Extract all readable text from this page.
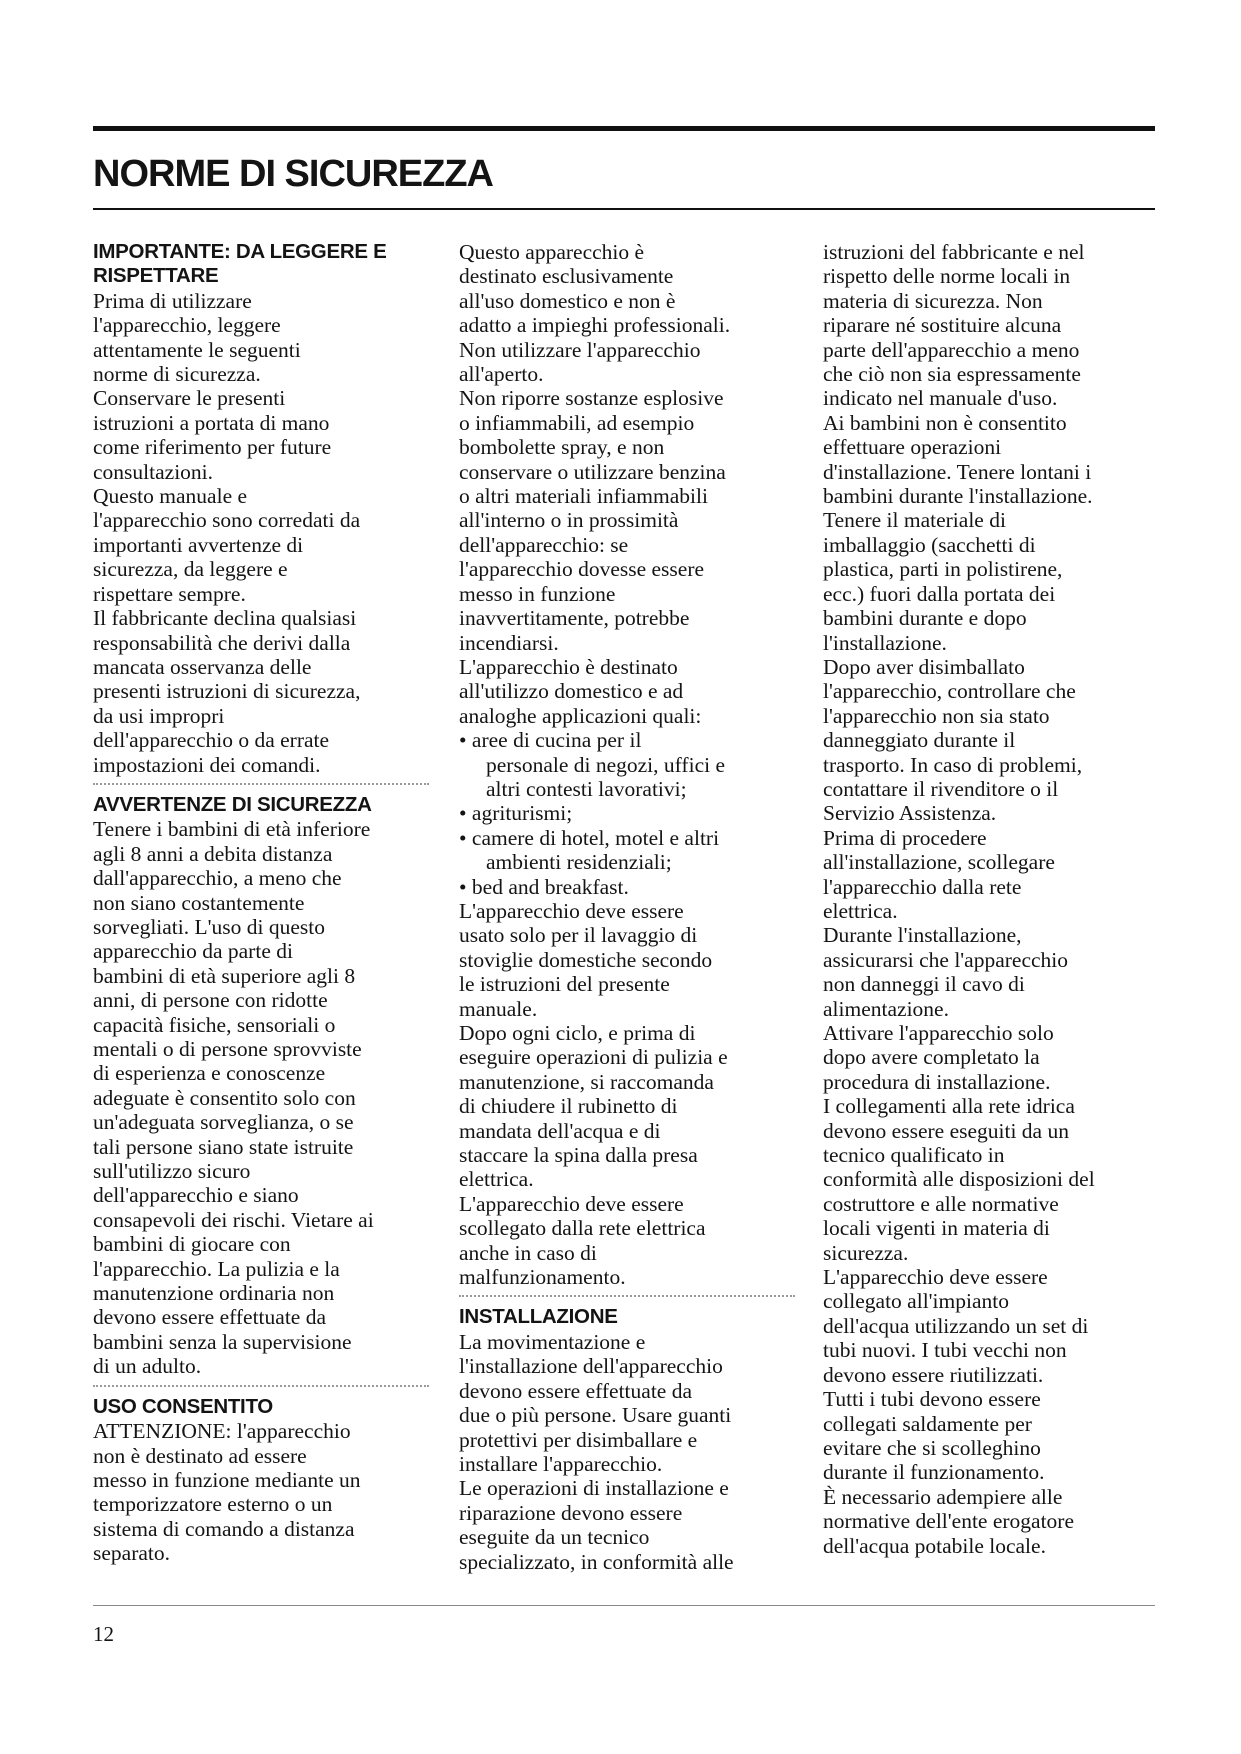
NORME DI SICUREZZA
IMPORTANTE: DA LEGGERE E
RISPETTARE
Prima di utilizzare
l'apparecchio, leggere
attentamente le seguenti
norme di sicurezza.
Conservare le presenti
istruzioni a portata di mano
come riferimento per future
consultazioni.
Questo manuale e
l'apparecchio sono corredati da
importanti avvertenze di
sicurezza, da leggere e
rispettare sempre.
Il fabbricante declina qualsiasi
responsabilità che derivi dalla
mancata osservanza delle
presenti istruzioni di sicurezza,
da usi impropri
dell'apparecchio o da errate
impostazioni dei comandi.
AVVERTENZE DI SICUREZZA
Tenere i bambini di età inferiore
agli 8 anni a debita distanza
dall'apparecchio, a meno che
non siano costantemente
sorvegliati. L'uso di questo
apparecchio da parte di
bambini di età superiore agli 8
anni, di persone con ridotte
capacità fisiche, sensoriali o
mentali o di persone sprovviste
di esperienza e conoscenze
adeguate è consentito solo con
un'adeguata sorveglianza, o se
tali persone siano state istruite
sull'utilizzo sicuro
dell'apparecchio e siano
consapevoli dei rischi. Vietare ai
bambini di giocare con
l'apparecchio. La pulizia e la
manutenzione ordinaria non
devono essere effettuate da
bambini senza la supervisione
di un adulto.
USO CONSENTITO
ATTENZIONE: l'apparecchio
non è destinato ad essere
messo in funzione mediante un
temporizzatore esterno o un
sistema di comando a distanza
separato.
Questo apparecchio è
destinato esclusivamente
all'uso domestico e non è
adatto a impieghi professionali.
Non utilizzare l'apparecchio
all'aperto.
Non riporre sostanze esplosive
o infiammabili, ad esempio
bombolette spray, e non
conservare o utilizzare benzina
o altri materiali infiammabili
all'interno o in prossimità
dell'apparecchio: se
l'apparecchio dovesse essere
messo in funzione
inavvertitamente, potrebbe
incendiarsi.
L'apparecchio è destinato
all'utilizzo domestico e ad
analoghe applicazioni quali:
• aree di cucina per il
personale di negozi, uffici e
altri contesti lavorativi;
• agriturismi;
• camere di hotel, motel e altri
ambienti residenziali;
• bed and breakfast.
L'apparecchio deve essere
usato solo per il lavaggio di
stoviglie domestiche secondo
le istruzioni del presente
manuale.
Dopo ogni ciclo, e prima di
eseguire operazioni di pulizia e
manutenzione, si raccomanda
di chiudere il rubinetto di
mandata dell'acqua e di
staccare la spina dalla presa
elettrica.
L'apparecchio deve essere
scollegato dalla rete elettrica
anche in caso di
malfunzionamento.
INSTALLAZIONE
La movimentazione e
l'installazione dell'apparecchio
devono essere effettuate da
due o più persone. Usare guanti
protettivi per disimballare e
installare l'apparecchio.
Le operazioni di installazione e
riparazione devono essere
eseguite da un tecnico
specializzato, in conformità alle
istruzioni del fabbricante e nel
rispetto delle norme locali in
materia di sicurezza. Non
riparare né sostituire alcuna
parte dell'apparecchio a meno
che ciò non sia espressamente
indicato nel manuale d'uso.
Ai bambini non è consentito
effettuare operazioni
d'installazione. Tenere lontani i
bambini durante l'installazione.
Tenere il materiale di
imballaggio (sacchetti di
plastica, parti in polistirene,
ecc.) fuori dalla portata dei
bambini durante e dopo
l'installazione.
Dopo aver disimballato
l'apparecchio, controllare che
l'apparecchio non sia stato
danneggiato durante il
trasporto. In caso di problemi,
contattare il rivenditore o il
Servizio Assistenza.
Prima di procedere
all'installazione, scollegare
l'apparecchio dalla rete
elettrica.
Durante l'installazione,
assicurarsi che l'apparecchio
non danneggi il cavo di
alimentazione.
Attivare l'apparecchio solo
dopo avere completato la
procedura di installazione.
I collegamenti alla rete idrica
devono essere eseguiti da un
tecnico qualificato in
conformità alle disposizioni del
costruttore e alle normative
locali vigenti in materia di
sicurezza.
L'apparecchio deve essere
collegato all'impianto
dell'acqua utilizzando un set di
tubi nuovi. I tubi vecchi non
devono essere riutilizzati.
Tutti i tubi devono essere
collegati saldamente per
evitare che si scolleghino
durante il funzionamento.
È necessario adempiere alle
normative dell'ente erogatore
dell'acqua potabile locale.
12
